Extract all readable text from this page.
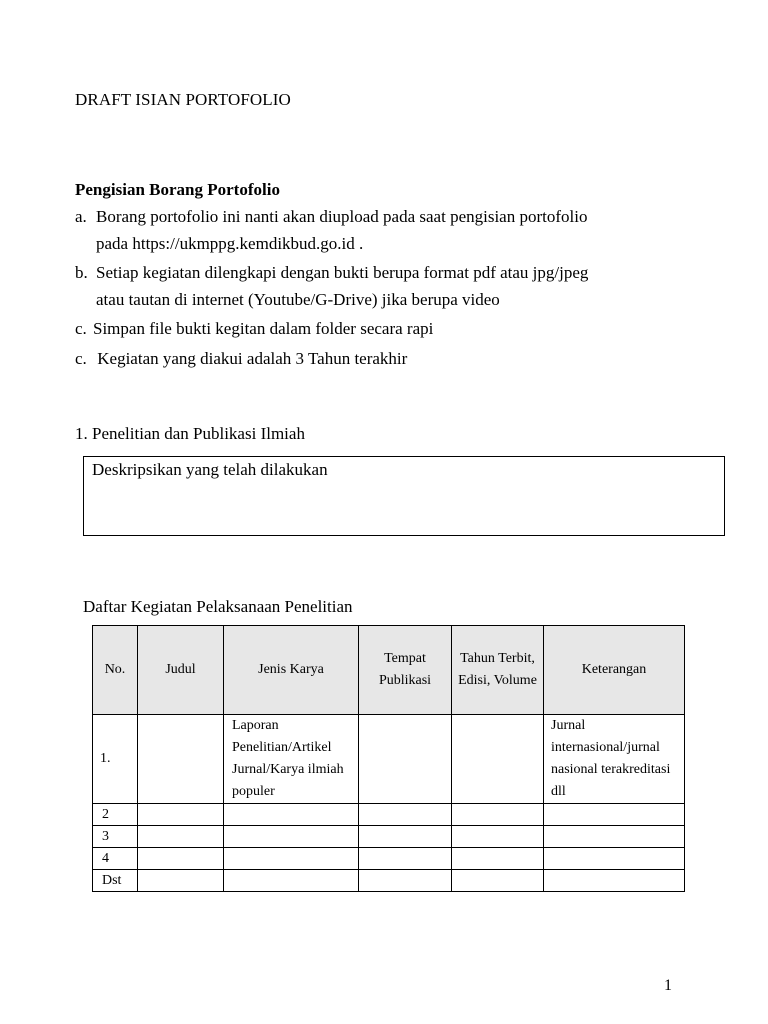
DRAFT ISIAN PORTOFOLIO
Pengisian Borang Portofolio
a. Borang portofolio ini nanti akan diupload pada saat pengisian portofolio
pada https://ukmppg.kemdikbud.go.id .
b. Setiap kegiatan dilengkapi dengan bukti berupa format pdf atau jpg/jpeg
atau tautan di internet (Youtube/G-Drive) jika berupa video
c. Simpan file bukti kegitan dalam folder secara rapi
c. Kegiatan yang diakui adalah 3 Tahun terakhir
1. Penelitian dan Publikasi Ilmiah
Deskripsikan yang telah dilakukan
Daftar Kegiatan Pelaksanaan Penelitian
No.	Judul	Jenis Karya	Tempat Publikasi	Tahun Terbit, Edisi, Volume	Keterangan
1.		Laporan Penelitian/Artikel Jurnal/Karya ilmiah populer			Jurnal internasional/jurnal nasional terakreditasi dll
2					
3					
4					
Dst					
1
